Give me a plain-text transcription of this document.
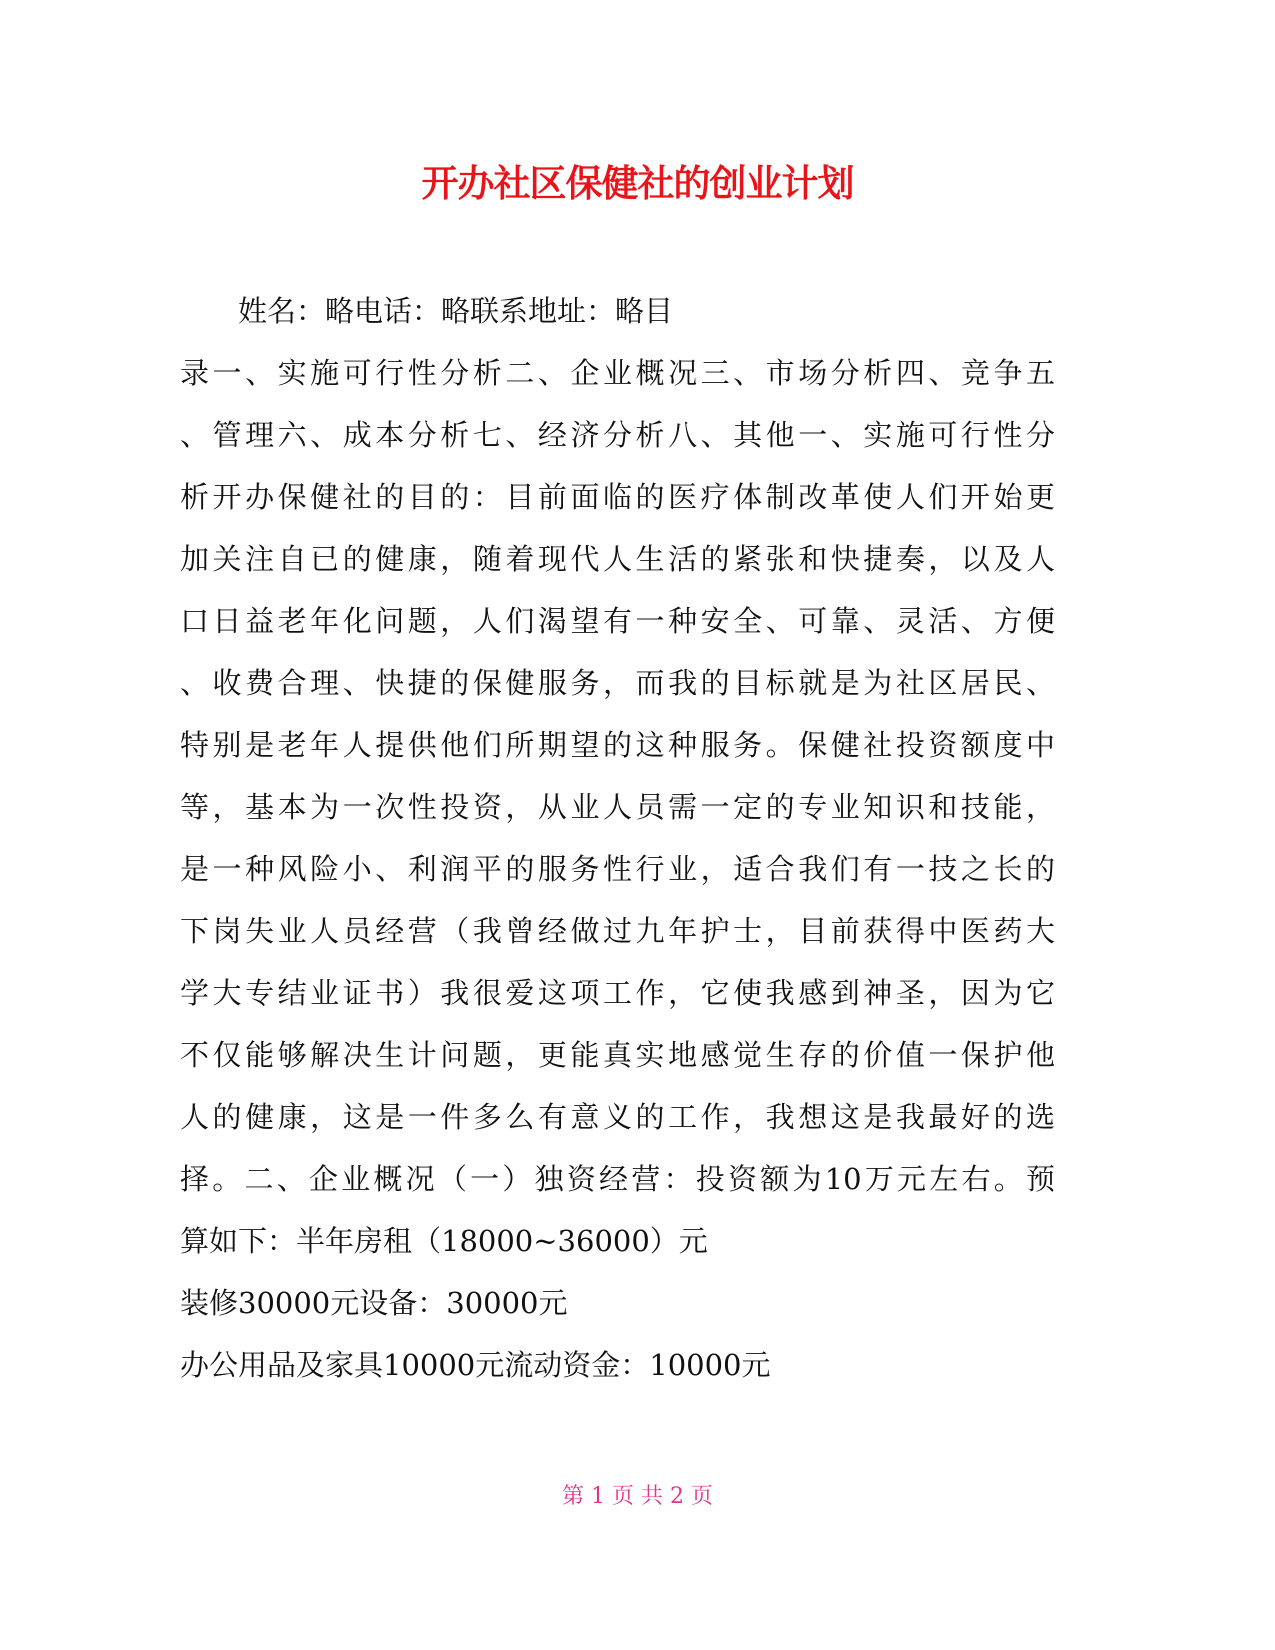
开办社区保健社的创业计划
姓名：略电话：略联系地址：略目
录一、实施可行性分析二、企业概况三、市场分析四、竞争五
、管理六、成本分析七、经济分析八、其他一、实施可行性分
析开办保健社的目的：目前面临的医疗体制改革使人们开始更
加关注自已的健康，随着现代人生活的紧张和快捷奏，以及人
口日益老年化问题，人们渴望有一种安全、可靠、灵活、方便
、收费合理、快捷的保健服务，而我的目标就是为社区居民、
特别是老年人提供他们所期望的这种服务。保健社投资额度中
等，基本为一次性投资，从业人员需一定的专业知识和技能，
是一种风险小、利润平的服务性行业，适合我们有一技之长的
下岗失业人员经营（我曾经做过九年护士，目前获得中医药大
学大专结业证书）我很爱这项工作，它使我感到神圣，因为它
不仅能够解决生计问题，更能真实地感觉生存的价值一保护他
人的健康，这是一件多么有意义的工作，我想这是我最好的选
择。二、企业概况（一）独资经营：投资额为10万元左右。预
算如下：半年房租（18000~36000）元
装修30000元设备：30000元
办公用品及家具10000元流动资金：10000元
第 1 页 共 2 页
